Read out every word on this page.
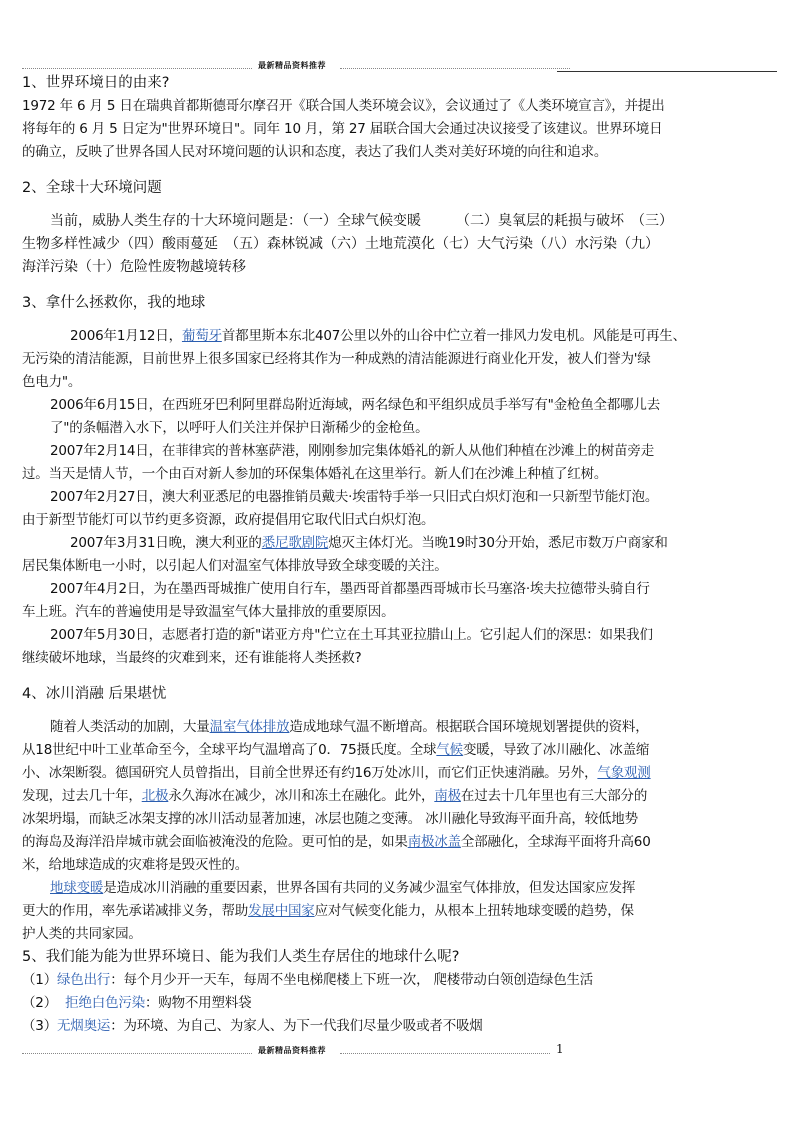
最新精品资料推荐
1、世界环境日的由来?
1972 年 6 月 5 日在瑞典首都斯德哥尔摩召开《联合国人类环境会议》，会议通过了《人类环境宣言》，并提出
将每年的 6 月 5 日定为"世界环境日"。同年 10 月，第 27 届联合国大会通过决议接受了该建议。世界环境日
的确立，反映了世界各国人民对环境问题的认识和态度，表达了我们人类对美好环境的向往和追求。
2、全球十大环境问题
当前，威胁人类生存的十大环境问题是：（一）全球气候变暖　　　（二）臭氧层的耗损与破坏　（三）
生物多样性减少（四）酸雨蔓延　（五）森林锐减（六）土地荒漠化（七）大气污染（八）水污染（九）
海洋污染（十）危险性废物越境转移
3、拿什么拯救你，我的地球
2006年1月12日，葡萄牙首都里斯本东北407公里以外的山谷中伫立着一排风力发电机。风能是可再生、
无污染的清洁能源，目前世界上很多国家已经将其作为一种成熟的清洁能源进行商业化开发，被人们誉为'绿
色电力"。
2006年6月15日，在西班牙巴利阿里群岛附近海域，两名绿色和平组织成员手举写有"金枪鱼全都哪儿去
了"的条幅潜入水下，以呼吁人们关注并保护日渐稀少的金枪鱼。
2007年2月14日，在菲律宾的普林塞萨港，刚刚参加完集体婚礼的新人从他们种植在沙滩上的树苗旁走
过。当天是情人节，一个由百对新人参加的环保集体婚礼在这里举行。新人们在沙滩上种植了红树。
2007年2月27日，澳大利亚悉尼的电器推销员戴夫·埃雷特手举一只旧式白炽灯泡和一只新型节能灯泡。
由于新型节能灯可以节约更多资源，政府提倡用它取代旧式白炽灯泡。
2007年3月31日晚，澳大利亚的悉尼歌剧院熄灭主体灯光。当晚19时30分开始，悉尼市数万户商家和
居民集体断电一小时，以引起人们对温室气体排放导致全球变暖的关注。
2007年4月2日，为在墨西哥城推广使用自行车，墨西哥首都墨西哥城市长马塞洛·埃夫拉德带头骑自行
车上班。汽车的普遍使用是导致温室气体大量排放的重要原因。
2007年5月30日，志愿者打造的新"诺亚方舟"伫立在土耳其亚拉腊山上。它引起人们的深思：如果我们
继续破坏地球，当最终的灾难到来，还有谁能将人类拯救?
4、冰川消融 后果堪忧
随着人类活动的加剧，大量温室气体排放造成地球气温不断增高。根据联合国环境规划署提供的资料，
从18世纪中叶工业革命至今，全球平均气温增高了0．75摄氏度。全球气候变暖，导致了冰川融化、冰盖缩
小、冰架断裂。德国研究人员曾指出，目前全世界还有约16万处冰川，而它们正快速消融。另外，气象观测
发现，过去几十年，北极永久海冰在减少，冰川和冻土在融化。此外，南极在过去十几年里也有三大部分的
冰架坍塌，而缺乏冰架支撑的冰川活动显著加速，冰层也随之变薄。 冰川融化导致海平面升高，较低地势
的海岛及海洋沿岸城市就会面临被淹没的危险。更可怕的是，如果南极冰盖全部融化，全球海平面将升高60
米，给地球造成的灾难将是毁灭性的。
地球变暖是造成冰川消融的重要因素，世界各国有共同的义务减少温室气体排放，但发达国家应发挥
更大的作用，率先承诺减排义务，帮助发展中国家应对气候变化能力，从根本上扭转地球变暖的趋势，保
护人类的共同家园。
5、我们能为能为世界环境日、能为我们人类生存居住的地球什么呢?
（1）绿色出行：每个月少开一天车，每周不坐电梯爬楼上下班一次， 爬楼带动白领创造绿色生活
（2）  拒绝白色污染：购物不用塑料袋
（3）无烟奥运：为环境、为自己、为家人、为下一代我们尽量少吸或者不吸烟
最新精品资料推荐	1
